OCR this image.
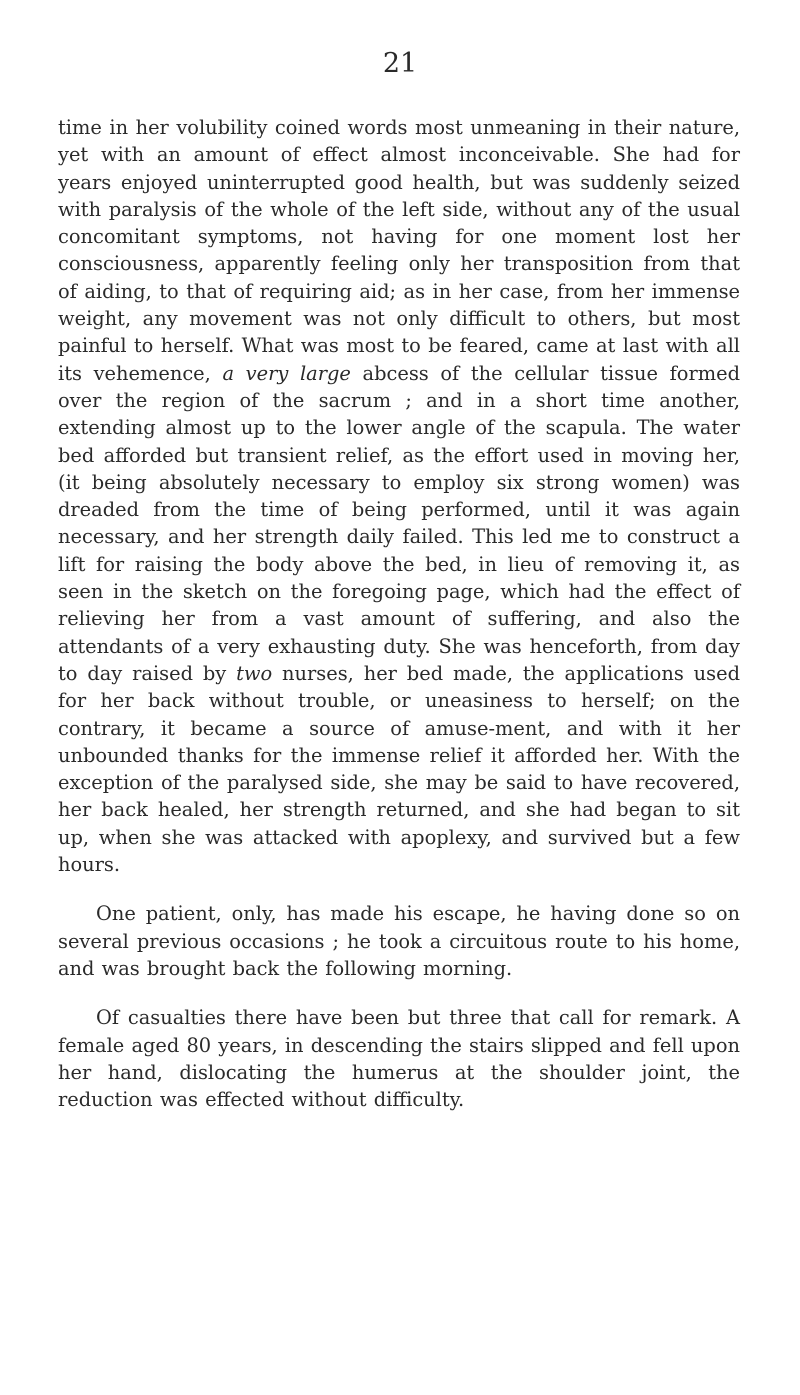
21

time in her volubility coined words most unmeaning in their nature, yet with an amount of effect almost inconceivable. She had for years enjoyed uninterrupted good health, but was suddenly seized with paralysis of the whole of the left side, without any of the usual concomitant symptoms, not having for one moment lost her consciousness, apparently feeling only her transposition from that of aiding, to that of requiring aid; as in her case, from her immense weight, any movement was not only difficult to others, but most painful to herself. What was most to be feared, came at last with all its vehemence, a very large abcess of the cellular tissue formed over the region of the sacrum ; and in a short time another, extending almost up to the lower angle of the scapula. The water bed afforded but transient relief, as the effort used in moving her, (it being absolutely necessary to employ six strong women) was dreaded from the time of being performed, until it was again necessary, and her strength daily failed. This led me to construct a lift for raising the body above the bed, in lieu of removing it, as seen in the sketch on the foregoing page, which had the effect of relieving her from a vast amount of suffering, and also the attendants of a very exhausting duty. She was henceforth, from day to day raised by two nurses, her bed made, the applications used for her back without trouble, or uneasiness to herself; on the contrary, it became a source of amuse-ment, and with it her unbounded thanks for the immense relief it afforded her. With the exception of the paralysed side, she may be said to have recovered, her back healed, her strength returned, and she had began to sit up, when she was attacked with apoplexy, and survived but a few hours.

One patient, only, has made his escape, he having done so on several previous occasions ; he took a circuitous route to his home, and was brought back the following morning.

Of casualties there have been but three that call for remark. A female aged 80 years, in descending the stairs slipped and fell upon her hand, dislocating the humerus at the shoulder joint, the reduction was effected without difficulty.
